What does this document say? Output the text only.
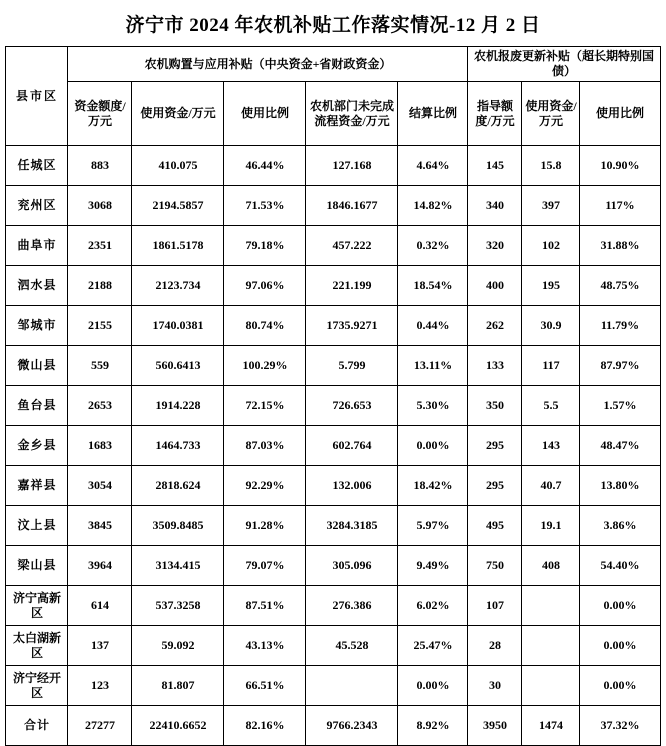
济宁市 2024 年农机补贴工作落实情况-12 月 2 日
县市区	农机购置与应用补贴（中央资金+省财政资金）					农机报废更新补贴（超长期特别国债）		
	资金额度/万元	使用资金/万元	使用比例	农机部门未完成流程资金/万元	结算比例	指导额度/万元	使用资金/万元	使用比例
任城区	883	410.075	46.44%	127.168	4.64%	145	15.8	10.90%
兖州区	3068	2194.5857	71.53%	1846.1677	14.82%	340	397	117%
曲阜市	2351	1861.5178	79.18%	457.222	0.32%	320	102	31.88%
泗水县	2188	2123.734	97.06%	221.199	18.54%	400	195	48.75%
邹城市	2155	1740.0381	80.74%	1735.9271	0.44%	262	30.9	11.79%
微山县	559	560.6413	100.29%	5.799	13.11%	133	117	87.97%
鱼台县	2653	1914.228	72.15%	726.653	5.30%	350	5.5	1.57%
金乡县	1683	1464.733	87.03%	602.764	0.00%	295	143	48.47%
嘉祥县	3054	2818.624	92.29%	132.006	18.42%	295	40.7	13.80%
汶上县	3845	3509.8485	91.28%	3284.3185	5.97%	495	19.1	3.86%
梁山县	3964	3134.415	79.07%	305.096	9.49%	750	408	54.40%
济宁高新区	614	537.3258	87.51%	276.386	6.02%	107		0.00%
太白湖新区	137	59.092	43.13%	45.528	25.47%	28		0.00%
济宁经开区	123	81.807	66.51%		0.00%	30		0.00%
合计	27277	22410.6652	82.16%	9766.2343	8.92%	3950	1474	37.32%
